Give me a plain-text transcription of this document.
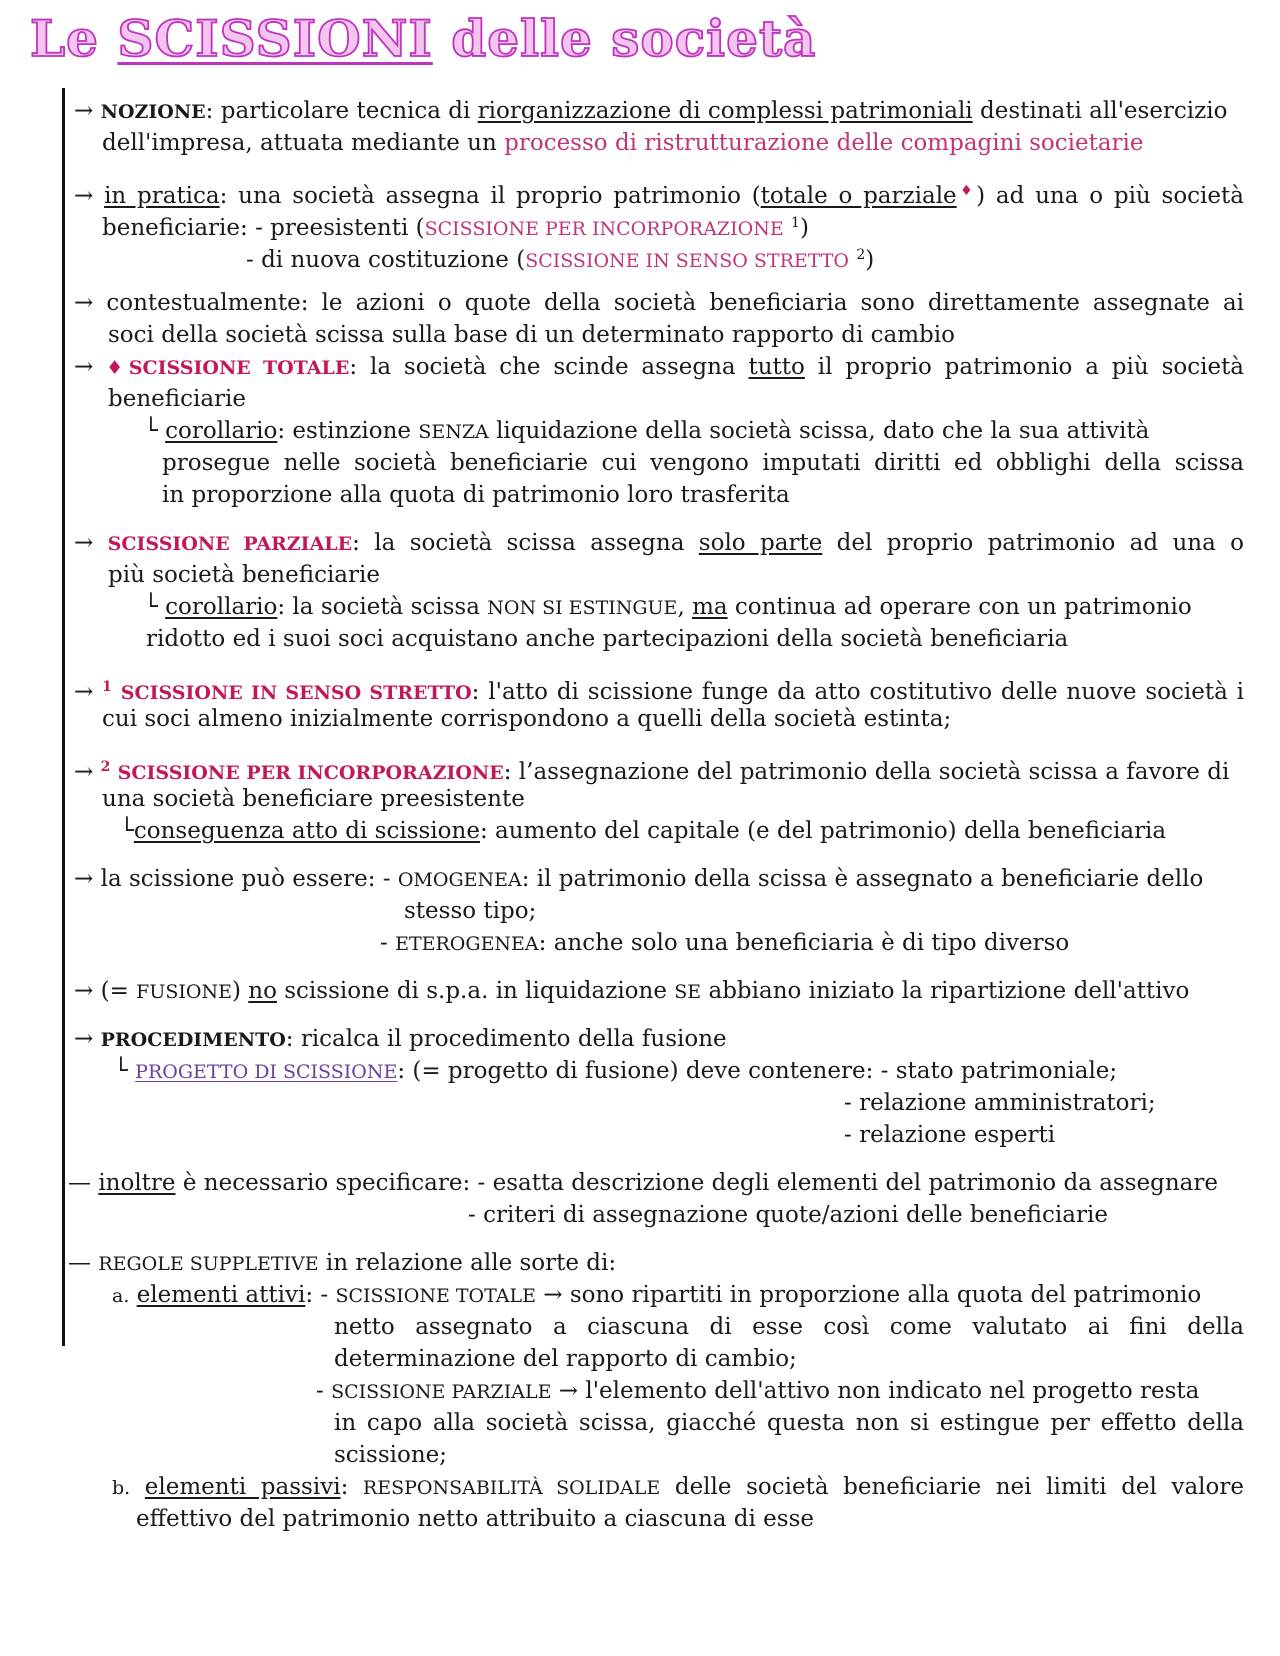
Le SCISSIONI delle società
→ NOZIONE: particolare tecnica di riorganizzazione di complessi patrimoniali destinati all'esercizio
dell'impresa, attuata mediante un processo di ristrutturazione delle compagini societarie
→ in pratica: una società assegna il proprio patrimonio (totale o parziale♦) ad una o più società
beneficiarie: - preesistenti (SCISSIONE PER INCORPORAZIONE $^1$)
- di nuova costituzione (SCISSIONE IN SENSO STRETTO $^2$)
→ contestualmente: le azioni o quote della società beneficiaria sono direttamente assegnate ai
soci della società scissa sulla base di un determinato rapporto di cambio
→ ♦SCISSIONE TOTALE: la società che scinde assegna tutto il proprio patrimonio a più società
beneficiarie
└ corollario: estinzione SENZA liquidazione della società scissa, dato che la sua attività
prosegue nelle società beneficiarie cui vengono imputati diritti ed obblighi della scissa
in proporzione alla quota di patrimonio loro trasferita
→ SCISSIONE PARZIALE: la società scissa assegna solo parte del proprio patrimonio ad una o
più società beneficiarie
└ corollario: la società scissa NON SI ESTINGUE, ma continua ad operare con un patrimonio
ridotto ed i suoi soci acquistano anche partecipazioni della società beneficiaria
→ $^1$ SCISSIONE IN SENSO STRETTO: l'atto di scissione funge da atto costitutivo delle nuove società i
cui soci almeno inizialmente corrispondono a quelli della società estinta;
→ $^2$ SCISSIONE PER INCORPORAZIONE: l’assegnazione del patrimonio della società scissa a favore di
una società beneficiare preesistente
└conseguenza atto di scissione: aumento del capitale (e del patrimonio) della beneficiaria
→ la scissione può essere: - OMOGENEA: il patrimonio della scissa è assegnato a beneficiarie dello
stesso tipo;
- ETEROGENEA: anche solo una beneficiaria è di tipo diverso
→ (= FUSIONE) no scissione di s.p.a. in liquidazione SE abbiano iniziato la ripartizione dell'attivo
→ PROCEDIMENTO: ricalca il procedimento della fusione
└ PROGETTO DI SCISSIONE: (= progetto di fusione) deve contenere: - stato patrimoniale;
- relazione amministratori;
- relazione esperti
— inoltre è necessario specificare: - esatta descrizione degli elementi del patrimonio da assegnare
- criteri di assegnazione quote/azioni delle beneficiarie
— REGOLE SUPPLETIVE in relazione alle sorte di:
a. elementi attivi: - SCISSIONE TOTALE → sono ripartiti in proporzione alla quota del patrimonio
netto assegnato a ciascuna di esse così come valutato ai fini della
determinazione del rapporto di cambio;
- SCISSIONE PARZIALE → l'elemento dell'attivo non indicato nel progetto resta
in capo alla società scissa, giacché questa non si estingue per effetto della
scissione;
b. elementi passivi: RESPONSABILITÀ SOLIDALE delle società beneficiarie nei limiti del valore
effettivo del patrimonio netto attribuito a ciascuna di esse
